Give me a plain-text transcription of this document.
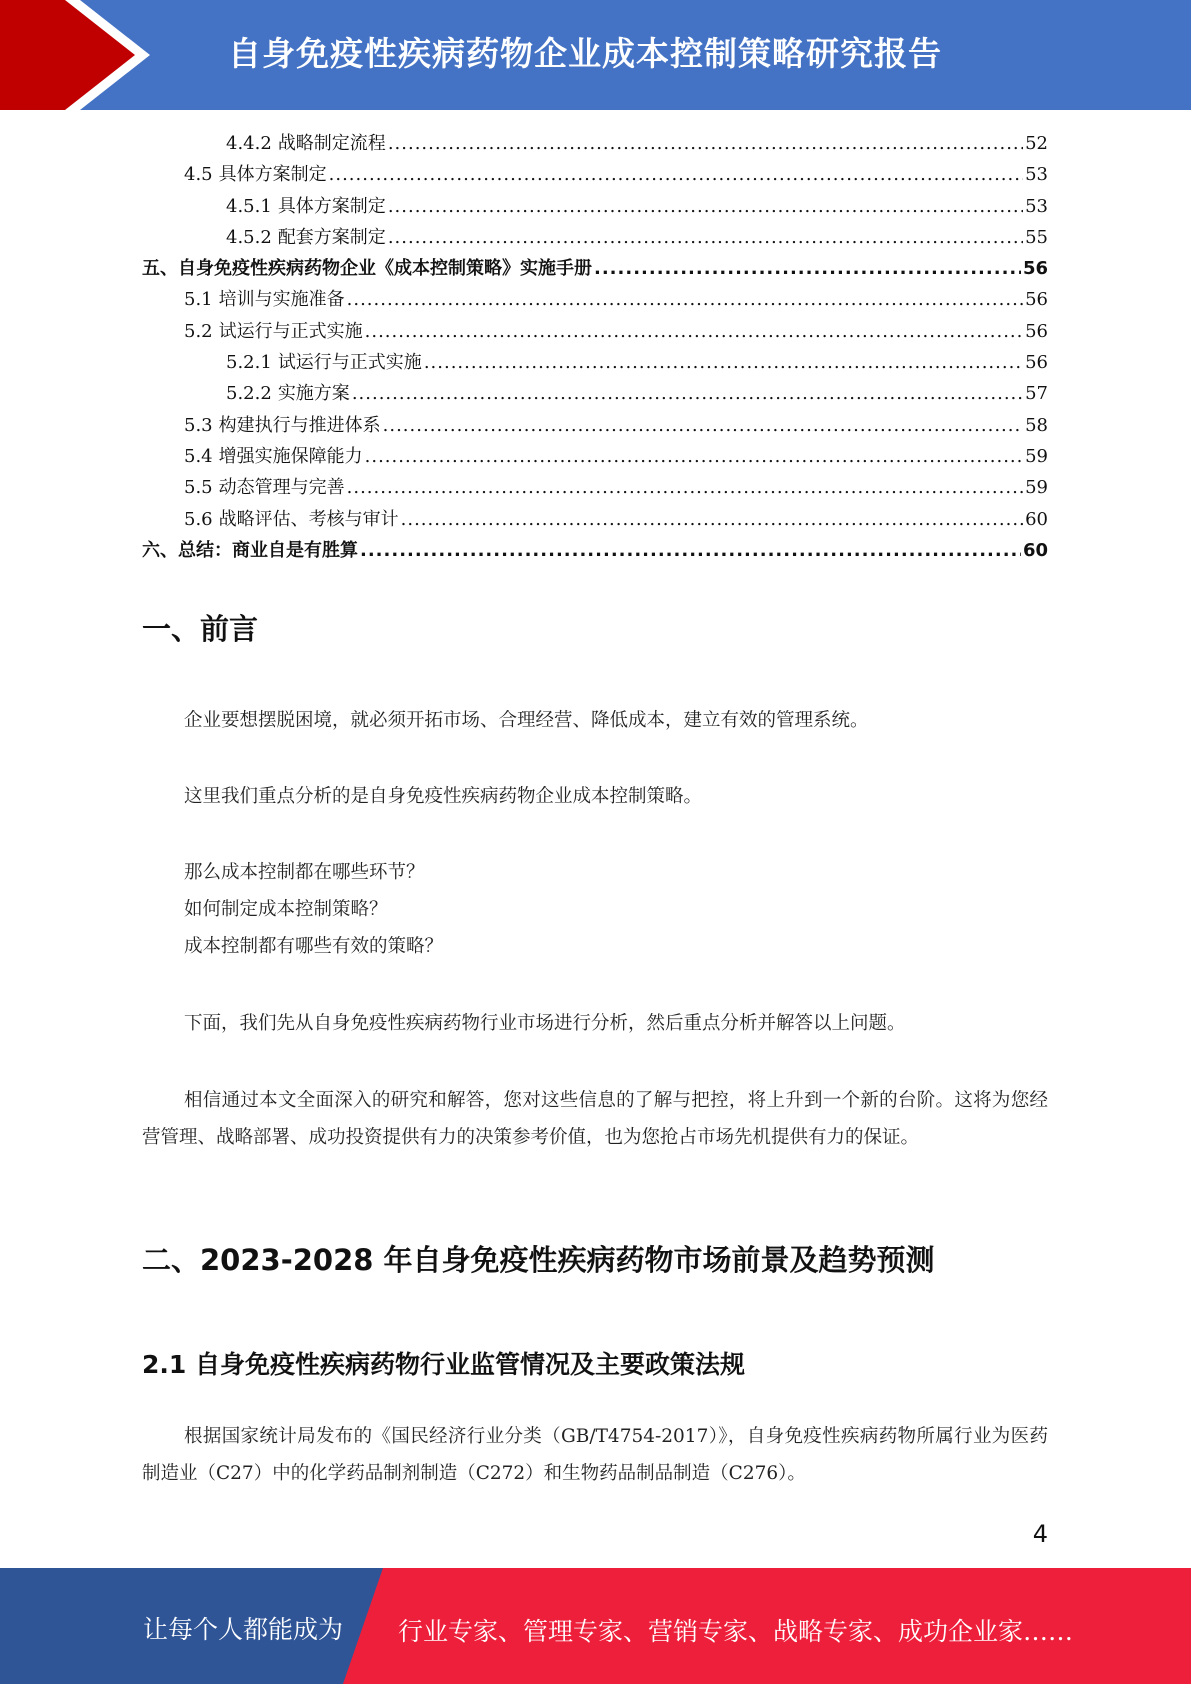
自身免疫性疾病药物企业成本控制策略研究报告
4.4.2 战略制定流程 .....	52
4.5 具体方案制定 .....	53
4.5.1 具体方案制定 .....	53
4.5.2 配套方案制定 .....	55
五、自身免疫性疾病药物企业《成本控制策略》实施手册 .....	56
5.1 培训与实施准备 .....	56
5.2 试运行与正式实施 .....	56
5.2.1 试运行与正式实施 .....	56
5.2.2 实施方案 .....	57
5.3 构建执行与推进体系 .....	58
5.4 增强实施保障能力 .....	59
5.5 动态管理与完善 .....	59
5.6 战略评估、考核与审计 .....	60
六、总结：商业自是有胜算 .....	60
一、前言
企业要想摆脱困境，就必须开拓市场、合理经营、降低成本，建立有效的管理系统。
这里我们重点分析的是自身免疫性疾病药物企业成本控制策略。
那么成本控制都在哪些环节？
如何制定成本控制策略？
成本控制都有哪些有效的策略？
下面，我们先从自身免疫性疾病药物行业市场进行分析，然后重点分析并解答以上问题。
相信通过本文全面深入的研究和解答，您对这些信息的了解与把控，将上升到一个新的台阶。这将为您经营管理、战略部署、成功投资提供有力的决策参考价值，也为您抢占市场先机提供有力的保证。
二、2023-2028 年自身免疫性疾病药物市场前景及趋势预测
2.1 自身免疫性疾病药物行业监管情况及主要政策法规
根据国家统计局发布的《国民经济行业分类（GB/T4754-2017）》，自身免疫性疾病药物所属行业为医药制造业（C27）中的化学药品制剂制造（C272）和生物药品制品制造（C276）。
4
让每个人都能成为 行业专家、管理专家、营销专家、战略专家、成功企业家……
